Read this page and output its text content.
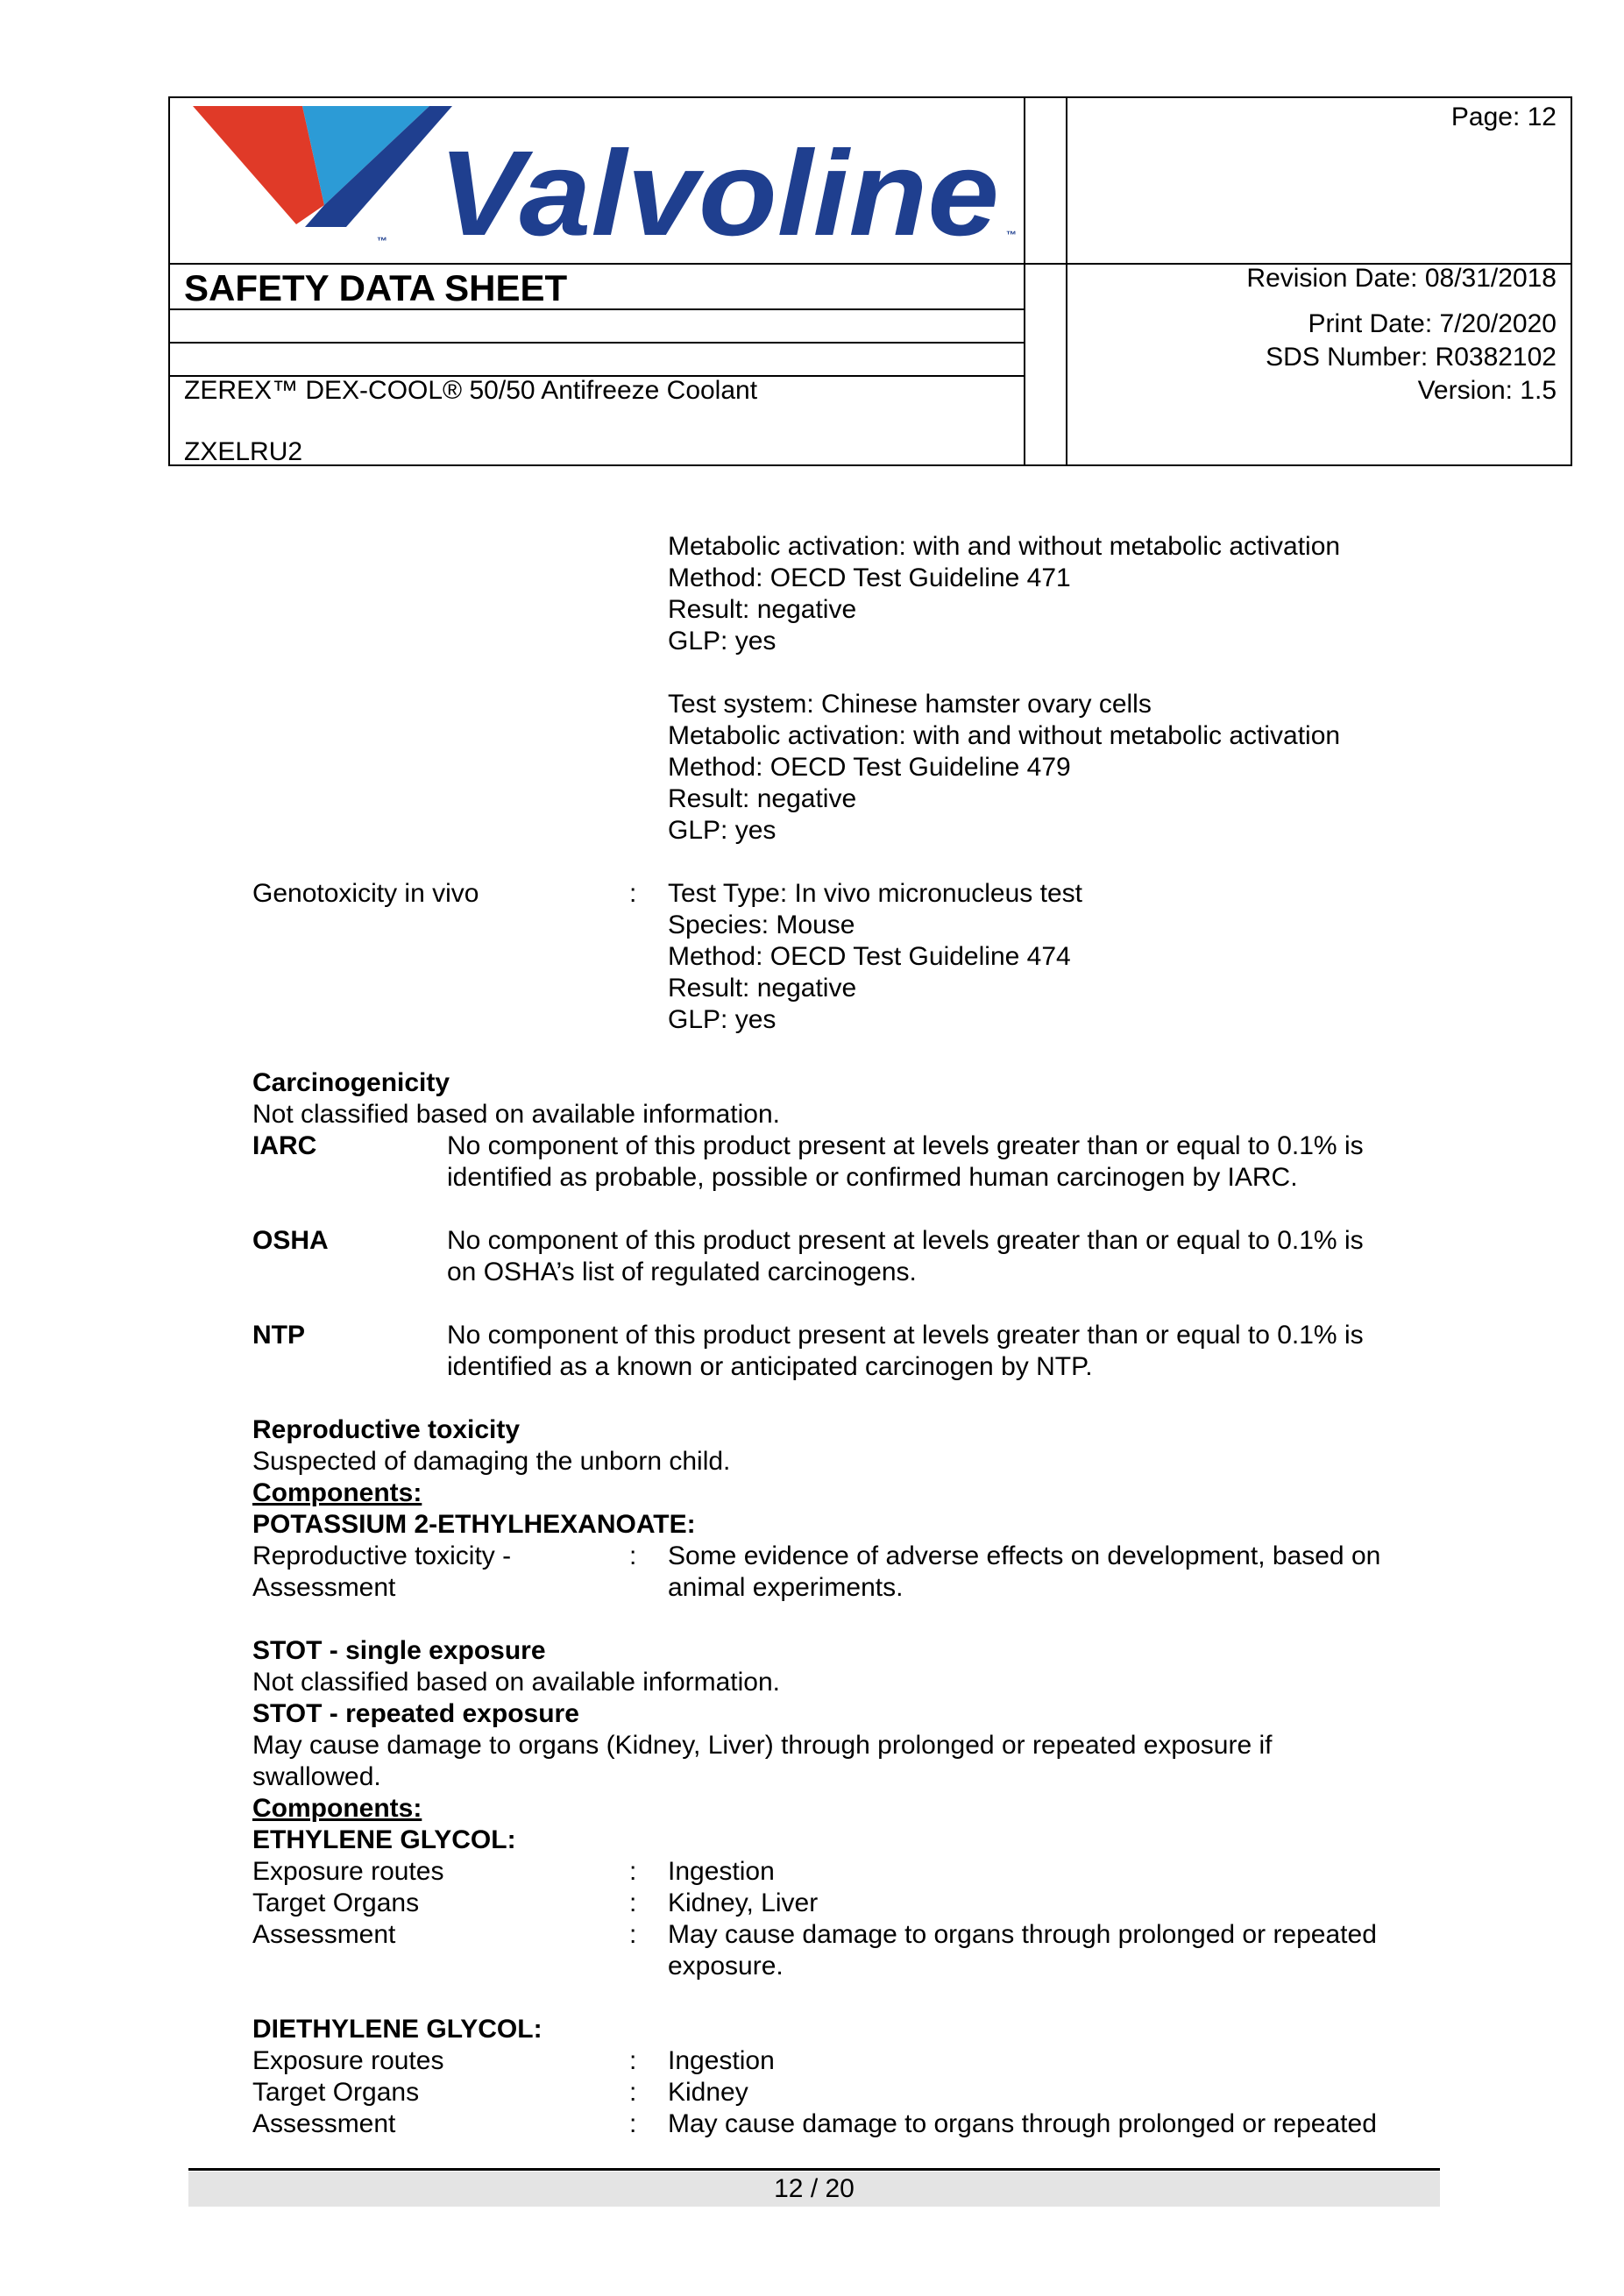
™ Valvoline ™
Page: 12
SAFETY DATA SHEET	Revision Date: 08/31/2018
Print Date: 7/20/2020
SDS Number: R0382102
ZEREX™ DEX-COOL® 50/50 Antifreeze Coolant	Version: 1.5
ZXELRU2
Metabolic activation: with and without metabolic activation
Method: OECD Test Guideline 471
Result: negative
GLP: yes
Test system: Chinese hamster ovary cells
Metabolic activation: with and without metabolic activation
Method: OECD Test Guideline 479
Result: negative
GLP: yes
Genotoxicity in vivo	: Test Type: In vivo micronucleus test
Species: Mouse
Method: OECD Test Guideline 474
Result: negative
GLP: yes
Carcinogenicity
Not classified based on available information.
IARC	No component of this product present at levels greater than or equal to 0.1% is
identified as probable, possible or confirmed human carcinogen by IARC.
OSHA	No component of this product present at levels greater than or equal to 0.1% is
on OSHA’s list of regulated carcinogens.
NTP	No component of this product present at levels greater than or equal to 0.1% is
identified as a known or anticipated carcinogen by NTP.
Reproductive toxicity
Suspected of damaging the unborn child.
Components:
POTASSIUM 2-ETHYLHEXANOATE:
Reproductive toxicity -
Assessment
: Some evidence of adverse effects on development, based on
animal experiments.
STOT - single exposure
Not classified based on available information.
STOT - repeated exposure
May cause damage to organs (Kidney, Liver) through prolonged or repeated exposure if
swallowed.
Components:
ETHYLENE GLYCOL:
Exposure routes	: Ingestion
Target Organs	: Kidney, Liver
Assessment	: May cause damage to organs through prolonged or repeated
exposure.
DIETHYLENE GLYCOL:
Exposure routes	: Ingestion
Target Organs	: Kidney
Assessment	: May cause damage to organs through prolonged or repeated
12 / 20
